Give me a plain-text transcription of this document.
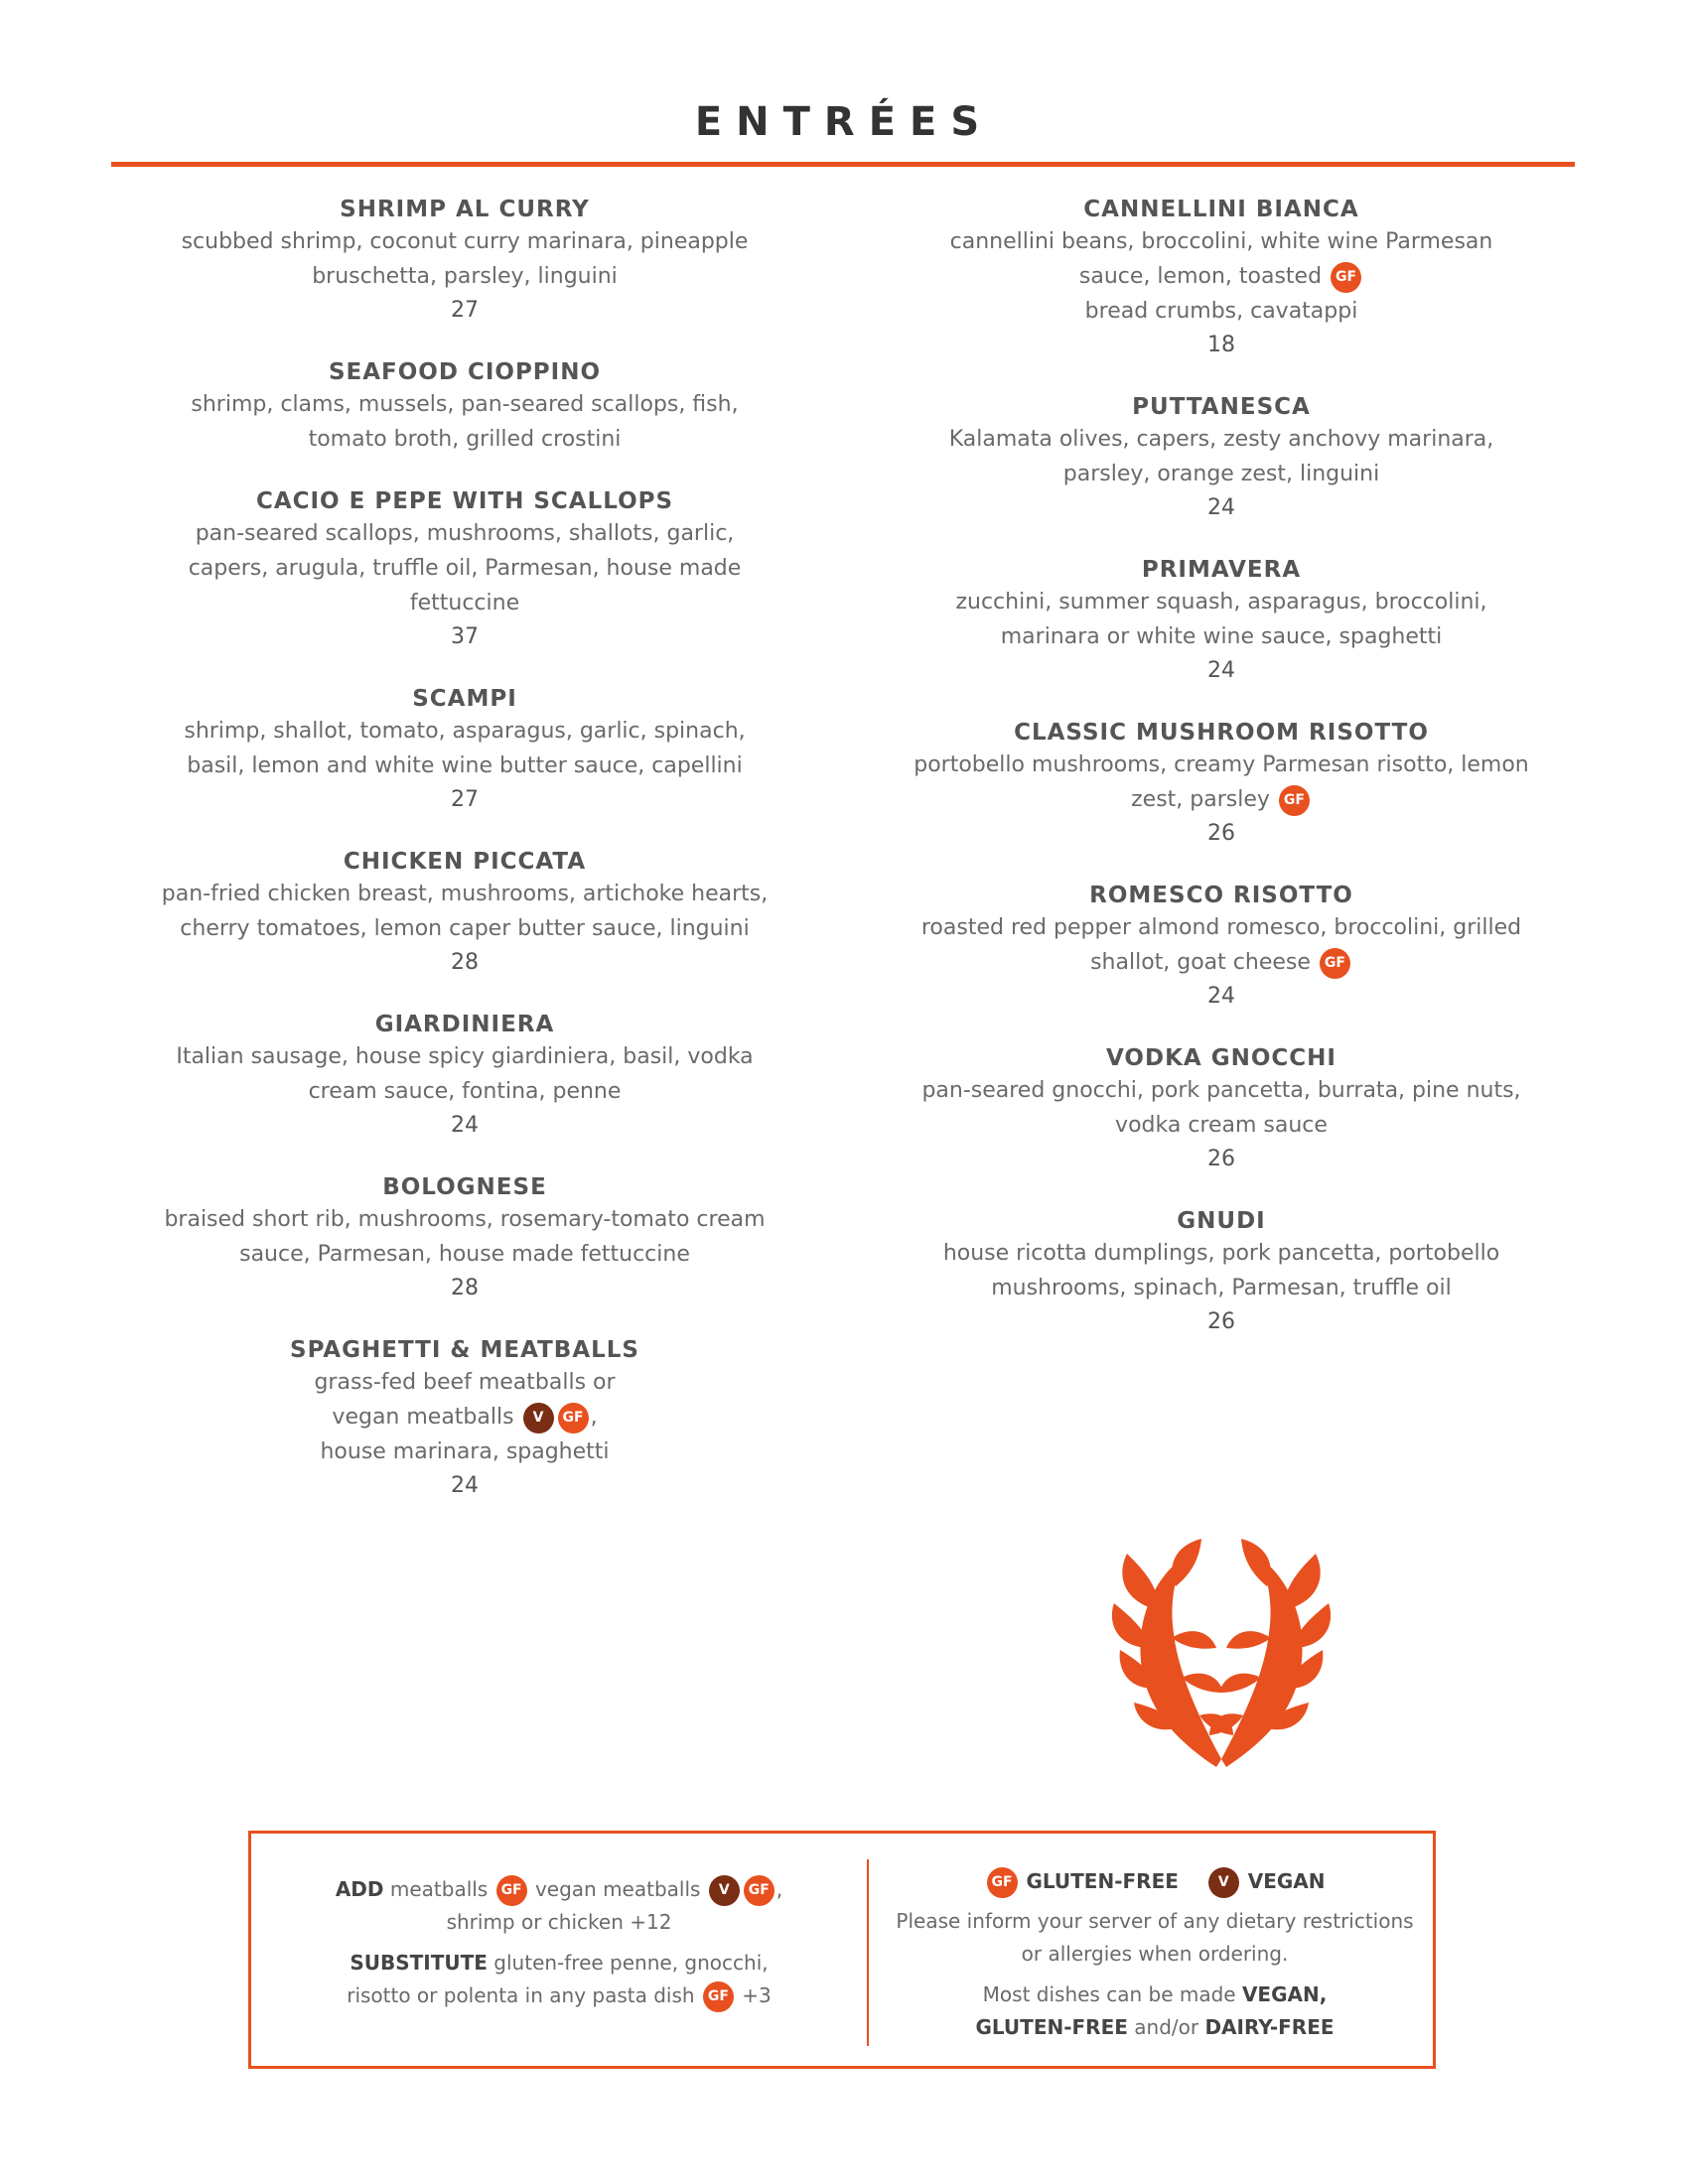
ENTRÉES
SHRIMP AL CURRY
scubbed shrimp, coconut curry marinara, pineapple bruschetta, parsley, linguini
27
SEAFOOD CIOPPINO
shrimp, clams, mussels, pan-seared scallops, fish, tomato broth, grilled crostini
CACIO E PEPE WITH SCALLOPS
pan-seared scallops, mushrooms, shallots, garlic, capers, arugula, truffle oil, Parmesan, house made fettuccine
37
SCAMPI
shrimp, shallot, tomato, asparagus, garlic, spinach, basil, lemon and white wine butter sauce, capellini
27
CHICKEN PICCATA
pan-fried chicken breast, mushrooms, artichoke hearts, cherry tomatoes, lemon caper butter sauce, linguini
28
GIARDINIERA
Italian sausage, house spicy giardiniera, basil, vodka cream sauce, fontina, penne
24
BOLOGNESE
braised short rib, mushrooms, rosemary-tomato cream sauce, Parmesan, house made fettuccine
28
SPAGHETTI & MEATBALLS
grass-fed beef meatballs or
vegan meatballs V GF ,
house marinara, spaghetti
24
CANNELLINI BIANCA
cannellini beans, broccolini, white wine Parmesan sauce, lemon, toasted GF
bread crumbs, cavatappi
18
PUTTANESCA
Kalamata olives, capers, zesty anchovy marinara, parsley, orange zest, linguini
24
PRIMAVERA
zucchini, summer squash, asparagus, broccolini, marinara or white wine sauce, spaghetti
24
CLASSIC MUSHROOM RISOTTO
portobello mushrooms, creamy Parmesan risotto, lemon zest, parsley GF
26
ROMESCO RISOTTO
roasted red pepper almond romesco, broccolini, grilled shallot, goat cheese GF
24
VODKA GNOCCHI
pan-seared gnocchi, pork pancetta, burrata, pine nuts, vodka cream sauce
26
GNUDI
house ricotta dumplings, pork pancetta, portobello mushrooms, spinach, Parmesan, truffle oil
26
ADD meatballs GF vegan meatballs V GF ,
shrimp or chicken +12
SUBSTITUTE gluten-free penne, gnocchi,
risotto or polenta in any pasta dish GF +3
GF GLUTEN-FREE	V VEGAN
Please inform your server of any dietary restrictions or allergies when ordering.
Most dishes can be made VEGAN,
GLUTEN-FREE and/or DAIRY-FREE
